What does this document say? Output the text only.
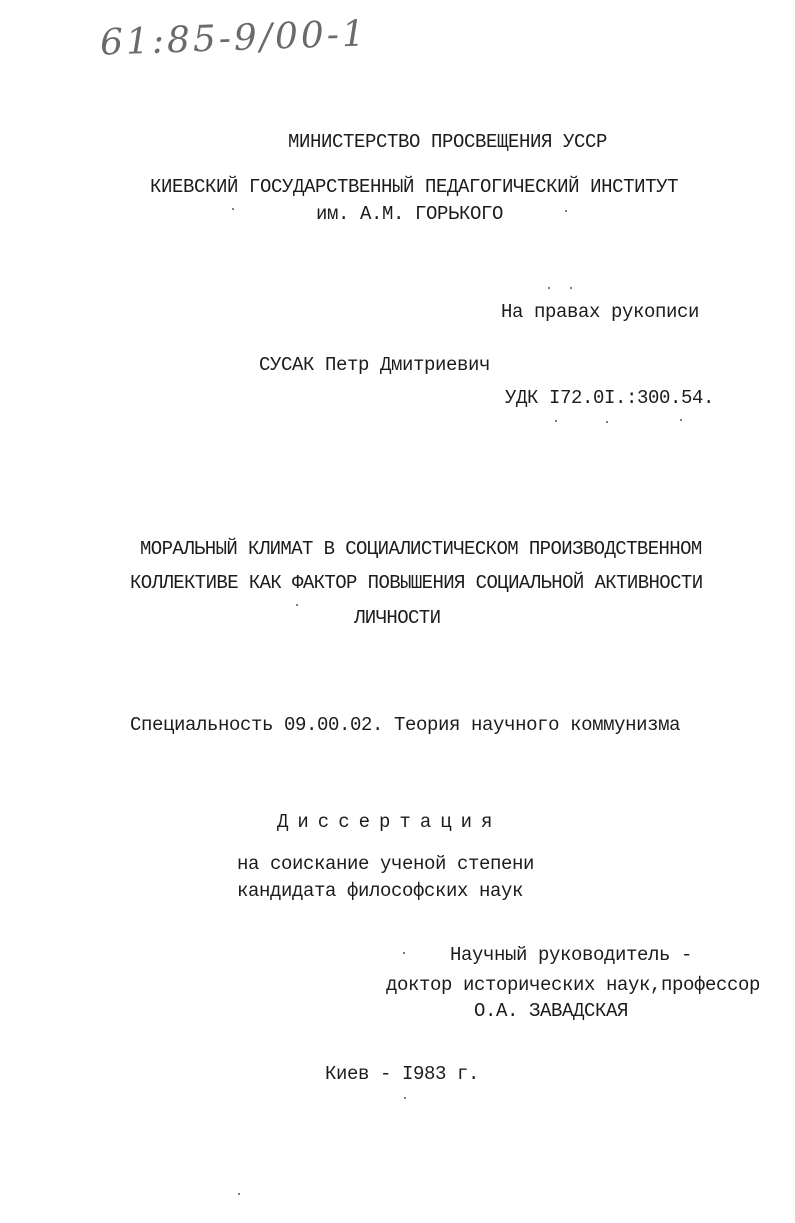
61:85-9/00-1
МИНИСТЕРСТВО ПРОСВЕЩЕНИЯ УССР
КИЕВСКИЙ ГОСУДАРСТВЕННЫЙ ПЕДАГОГИЧЕСКИЙ ИНСТИТУТ
им. А.М. ГОРЬКОГО
На правах рукописи
СУСАК Петр Дмитриевич
УДК I72.0I.:300.54.
МОРАЛЬНЫЙ КЛИМАТ В СОЦИАЛИСТИЧЕСКОМ ПРОИЗВОДСТВЕННОМ
КОЛЛЕКТИВЕ КАК ФАКТОР ПОВЫШЕНИЯ СОЦИАЛЬНОЙ АКТИВНОСТИ
ЛИЧНОСТИ
Специальность 09.00.02. Теория научного коммунизма
Диссертация
на соискание ученой степени
кандидата философских наук
Научный руководитель -
доктор исторических наук,профессор
О.А. ЗАВАДСКАЯ
Киев - I983 г.
